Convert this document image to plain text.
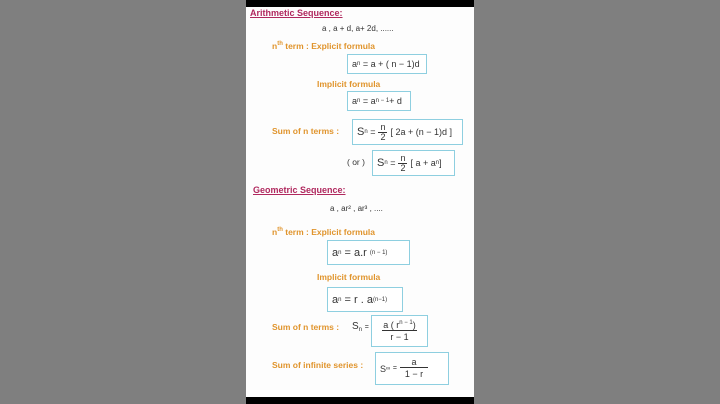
Arithmetic Sequence:
a , a + d, a+ 2d, ......
$n^{th}$ term : Explicit formula
a n
= a + ( n − 1)d
Implicit formula
a n
= a n − 1 + d
Sum of n terms : S n
= $\frac{n}{2}$ [ 2a + (n − 1)d ]
( or ) S n
= $\frac{n}{2}$ [ a + a n ]
Geometric Sequence:
a , ar² , ar³ , ....
$n^{th}$ term : Explicit formula
a n
= a.r
(n − 1)
Implicit formula
a n
= r . a (n−1)
Sum of n terms : $S_n = \frac{a ( r^{n - 1})}{r - 1}$
Sum of infinite series : S ∞
= $\frac{a}{1 - r}$
